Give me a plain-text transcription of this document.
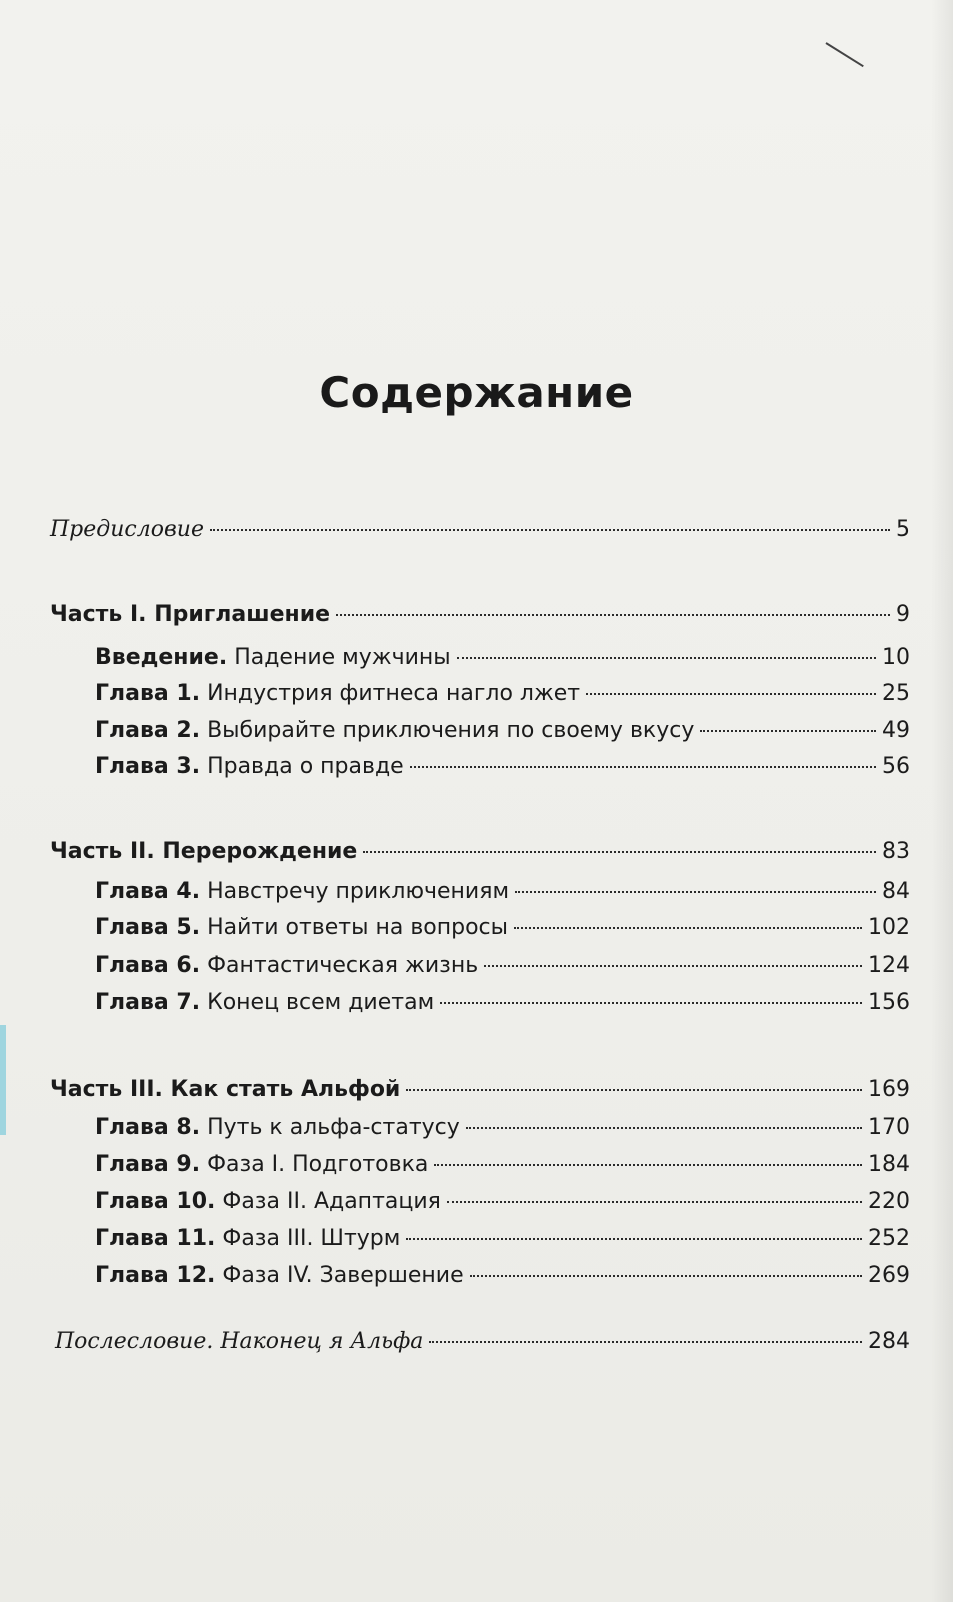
Содержание
Предисловие	5
Часть I. Приглашение	9
Введение. Падение мужчины	10
Глава 1. Индустрия фитнеса нагло лжет	25
Глава 2. Выбирайте приключения по своему вкусу	49
Глава 3. Правда о правде	56
Часть II. Перерождение	83
Глава 4. Навстречу приключениям	84
Глава 5. Найти ответы на вопросы	102
Глава 6. Фантастическая жизнь	124
Глава 7. Конец всем диетам	156
Часть III. Как стать Альфой	169
Глава 8. Путь к альфа-статусу	170
Глава 9. Фаза I. Подготовка	184
Глава 10. Фаза II. Адаптация	220
Глава 11. Фаза III. Штурм	252
Глава 12. Фаза IV. Завершение	269
Послесловие. Наконец я Альфа	284
